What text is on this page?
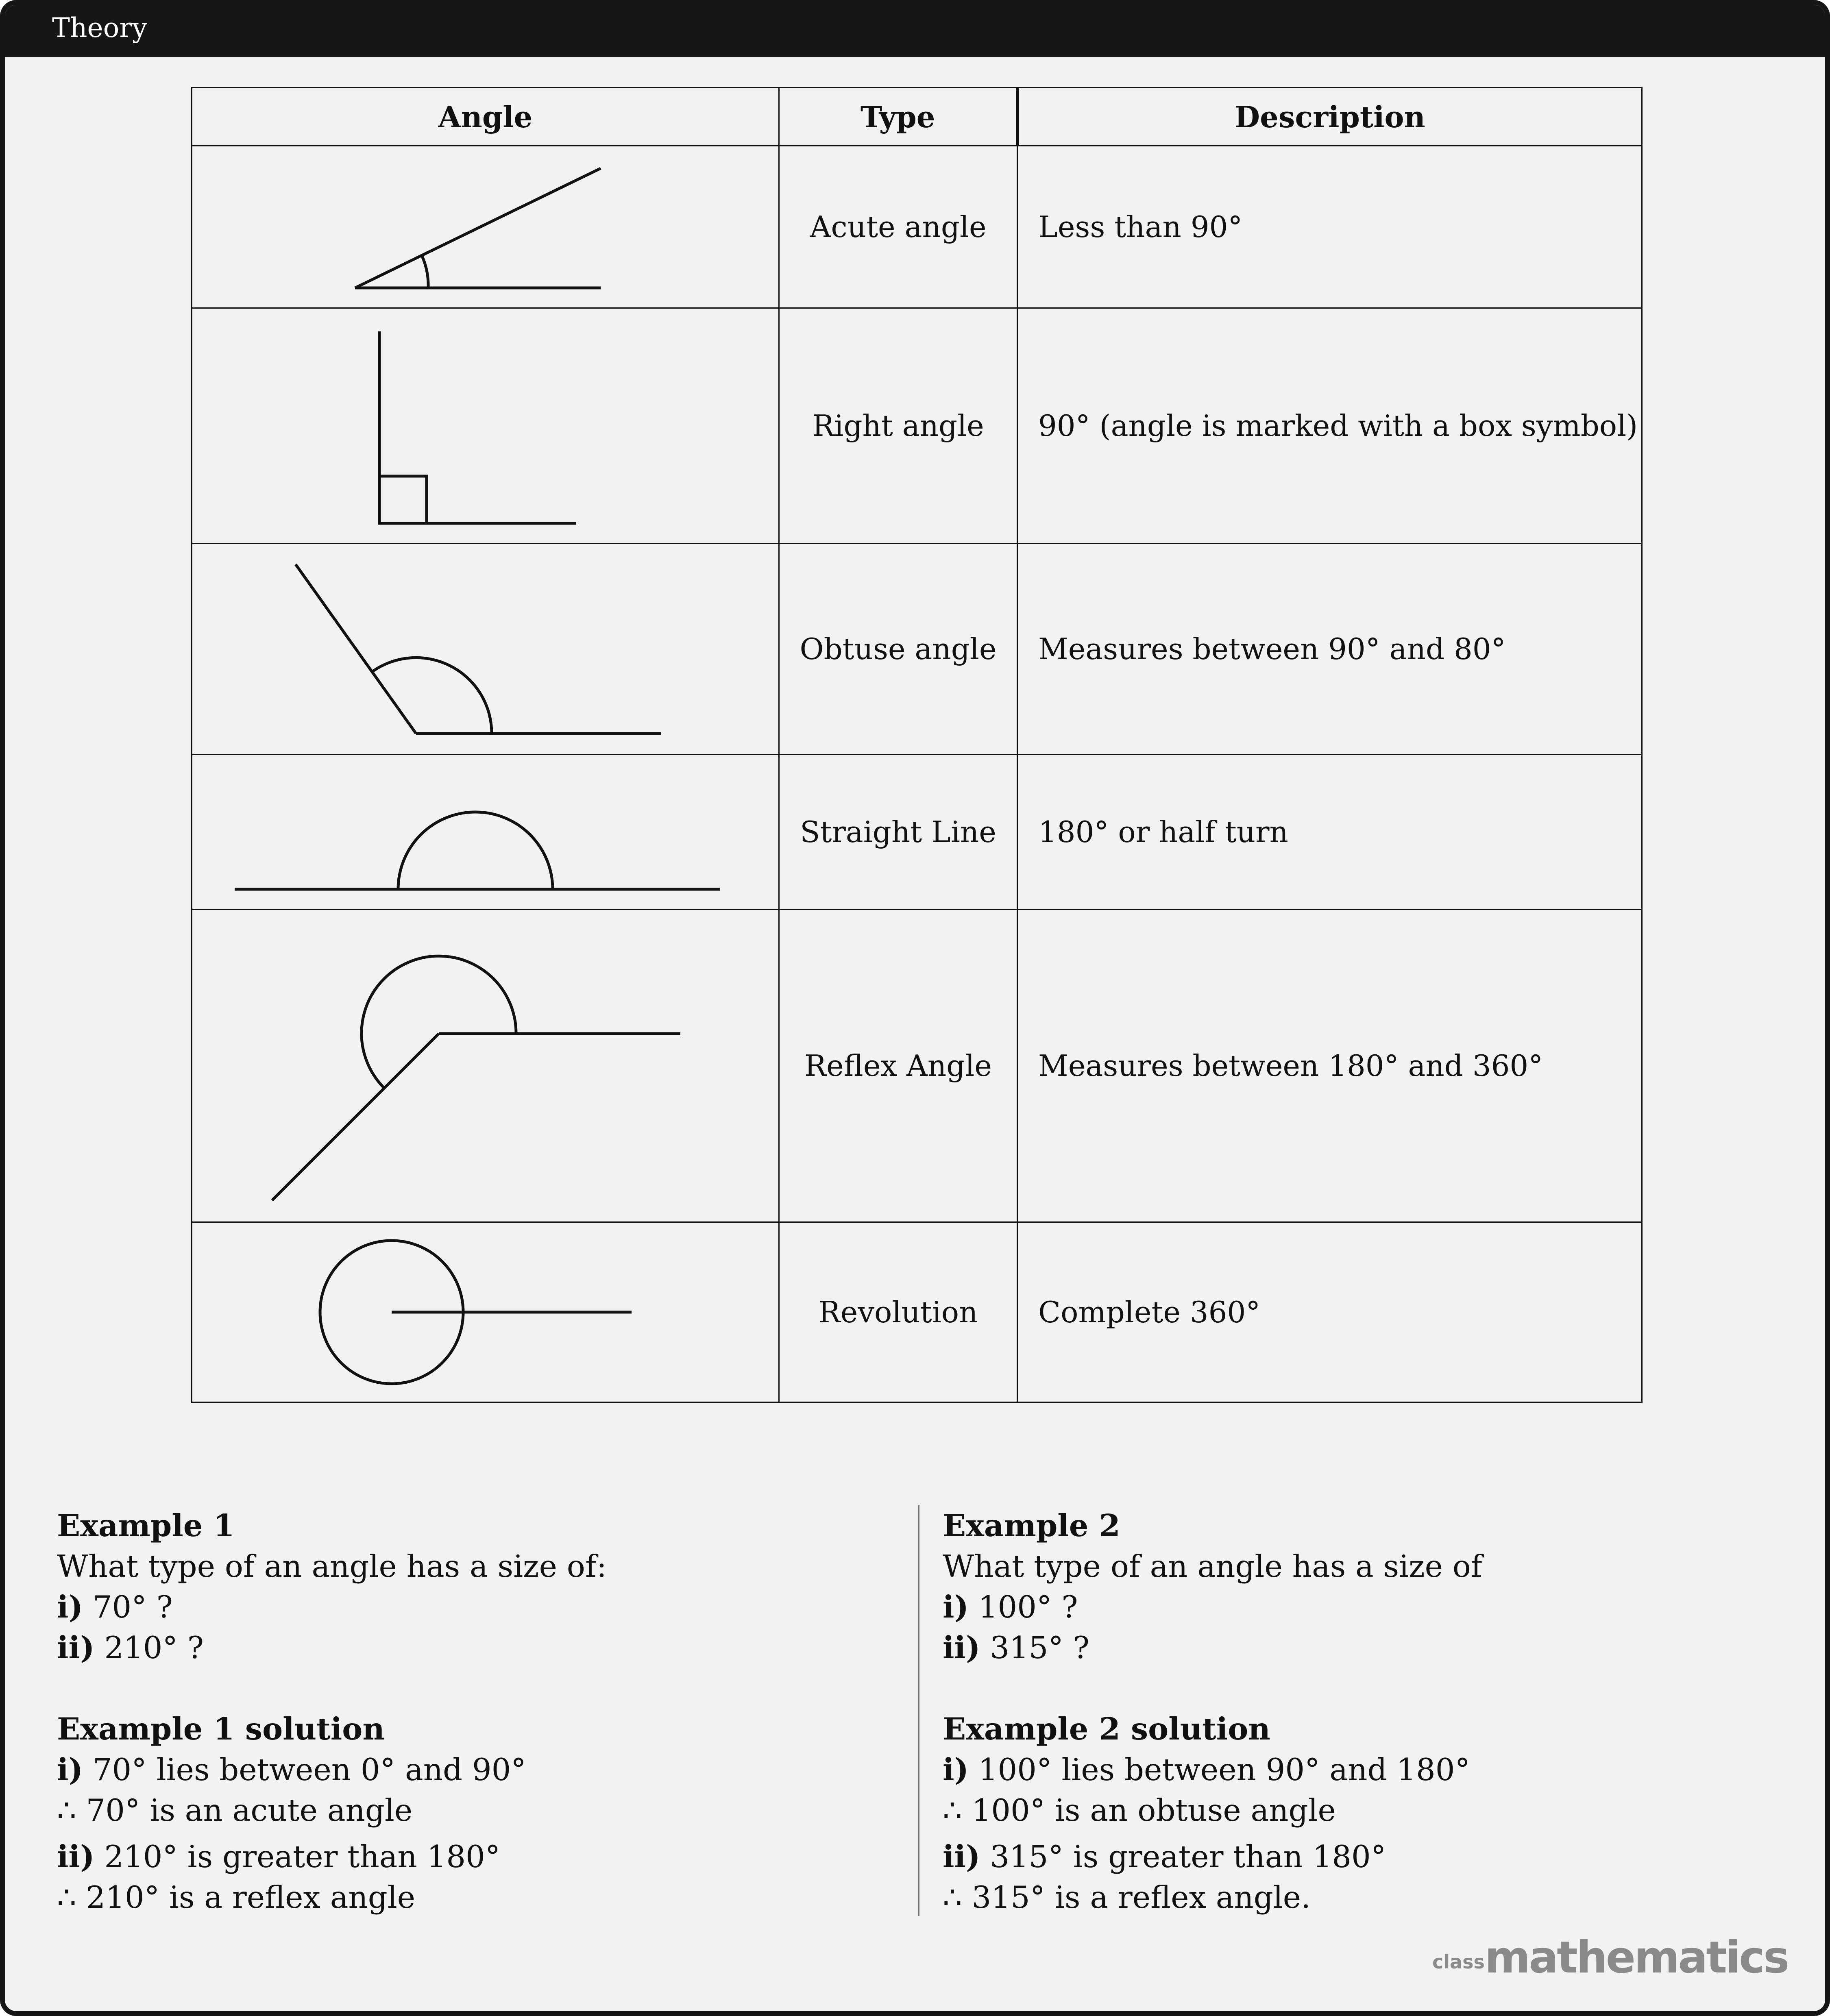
Theory
Angle	Type	Description

	Acute angle	Less than 90°

	Right angle	90° (angle is marked with a box symbol)

	Obtuse angle	Measures between 90° and 80°

	Straight Line	180° or half turn

	Reflex Angle	Measures between 180° and 360°

	Revolution	Complete 360°
Example 1
What type of an angle has a size of:
i) 70° ?
ii) 210° ?
Example 1 solution
i) 70° lies between 0° and 90°
∴ 70° is an acute angle
ii) 210° is greater than 180°
∴ 210° is a reflex angle
Example 2
What type of an angle has a size of
i) 100° ?
ii) 315° ?
Example 2 solution
i) 100° lies between 90° and 180°
∴ 100° is an obtuse angle
ii) 315° is greater than 180°
∴ 315° is a reflex angle.
classmathematics
